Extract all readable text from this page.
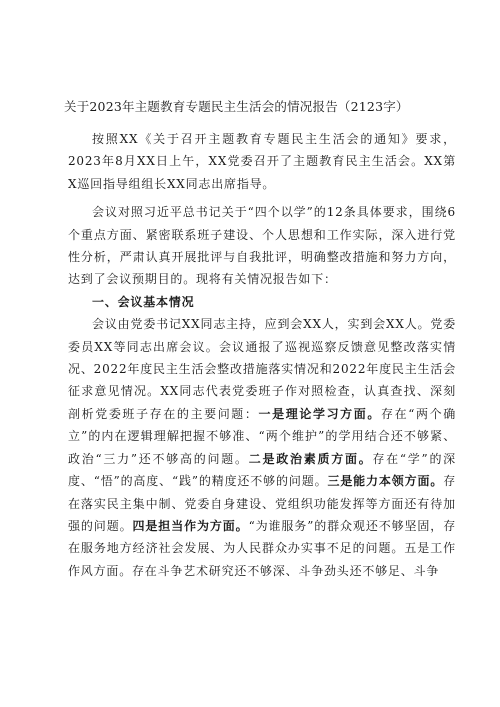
关于2023年主题教育专题民主生活会的情况报告（2123字）

按照XX《关于召开主题教育专题民主生活会的通知》要求，2023年8月XX日上午，XX党委召开了主题教育民主生活会。XX第X巡回指导组组长XX同志出席指导。

会议对照习近平总书记关于“四个以学”的12条具体要求，围绕6个重点方面、紧密联系班子建设、个人思想和工作实际，深入进行党性分析，严肃认真开展批评与自我批评，明确整改措施和努力方向，达到了会议预期目的。现将有关情况报告如下：

一、会议基本情况

会议由党委书记XX同志主持，应到会XX人，实到会XX人。党委委员XX等同志出席会议。会议通报了巡视巡察反馈意见整改落实情况、2022年度民主生活会整改措施落实情况和2022年度民主生活会征求意见情况。XX同志代表党委班子作对照检查，认真查找、深刻剖析党委班子存在的主要问题：一是理论学习方面。存在“两个确立”的内在逻辑理解把握不够准、“两个维护”的学用结合还不够紧、政治“三力”还不够高的问题。二是政治素质方面。存在“学”的深度、“悟”的高度、“践”的精度还不够的问题。三是能力本领方面。存在落实民主集中制、党委自身建设、党组织功能发挥等方面还有待加强的问题。四是担当作为方面。“为谁服务”的群众观还不够坚固，存在服务地方经济社会发展、为人民群众办实事不足的问题。五是工作作风方面。存在斗争艺术研究还不够深、斗争劲头还不够足、斗争
